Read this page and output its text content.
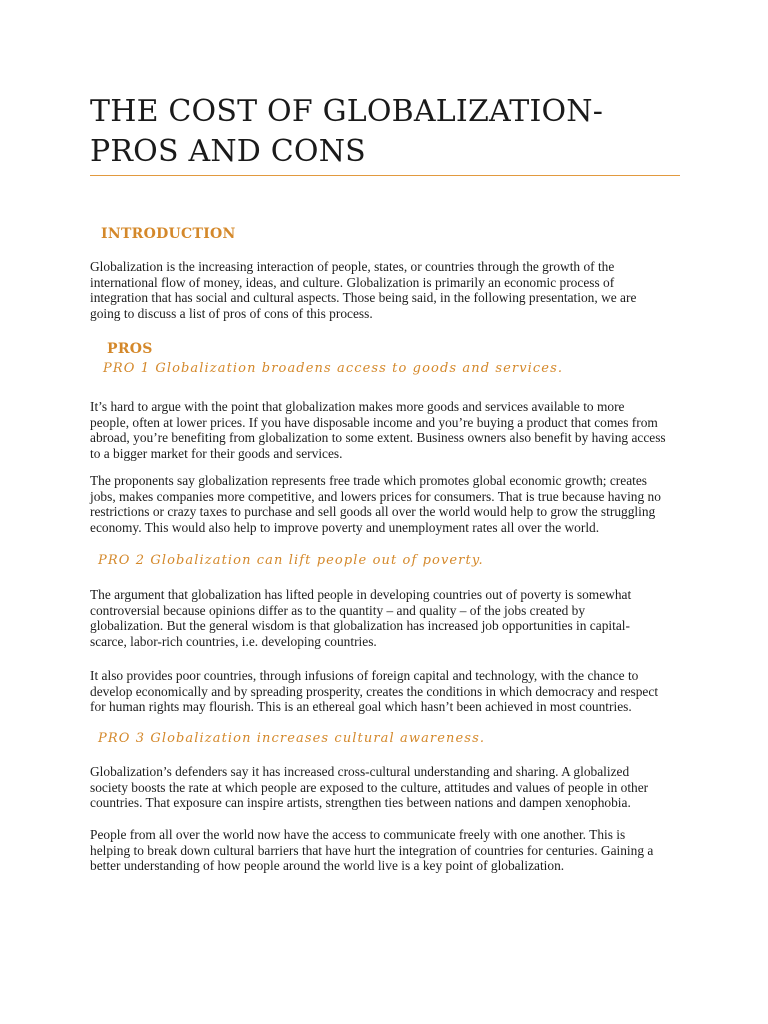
THE COST OF GLOBALIZATION-
PROS AND CONS
INTRODUCTION

Globalization is the increasing interaction of people, states, or countries through the growth of the
international flow of money, ideas, and culture. Globalization is primarily an economic process of
integration that has social and cultural aspects. Those being said, in the following presentation, we are
going to discuss a list of pros of cons of this process.

PROS
PRO 1 Globalization broadens access to goods and services.

It’s hard to argue with the point that globalization makes more goods and services available to more
people, often at lower prices. If you have disposable income and you’re buying a product that comes from
abroad, you’re benefiting from globalization to some extent. Business owners also benefit by having access
to a bigger market for their goods and services.

The proponents say globalization represents free trade which promotes global economic growth; creates
jobs, makes companies more competitive, and lowers prices for consumers. That is true because having no
restrictions or crazy taxes to purchase and sell goods all over the world would help to grow the struggling
economy. This would also help to improve poverty and unemployment rates all over the world.

PRO 2 Globalization can lift people out of poverty.

The argument that globalization has lifted people in developing countries out of poverty is somewhat
controversial because opinions differ as to the quantity – and quality – of the jobs created by
globalization. But the general wisdom is that globalization has increased job opportunities in capital-
scarce, labor-rich countries, i.e. developing countries.

It also provides poor countries, through infusions of foreign capital and technology, with the chance to
develop economically and by spreading prosperity, creates the conditions in which democracy and respect
for human rights may flourish. This is an ethereal goal which hasn’t been achieved in most countries.

PRO 3 Globalization increases cultural awareness.

Globalization’s defenders say it has increased cross-cultural understanding and sharing. A globalized
society boosts the rate at which people are exposed to the culture, attitudes and values of people in other
countries. That exposure can inspire artists, strengthen ties between nations and dampen xenophobia.

People from all over the world now have the access to communicate freely with one another. This is
helping to break down cultural barriers that have hurt the integration of countries for centuries. Gaining a
better understanding of how people around the world live is a key point of globalization.
